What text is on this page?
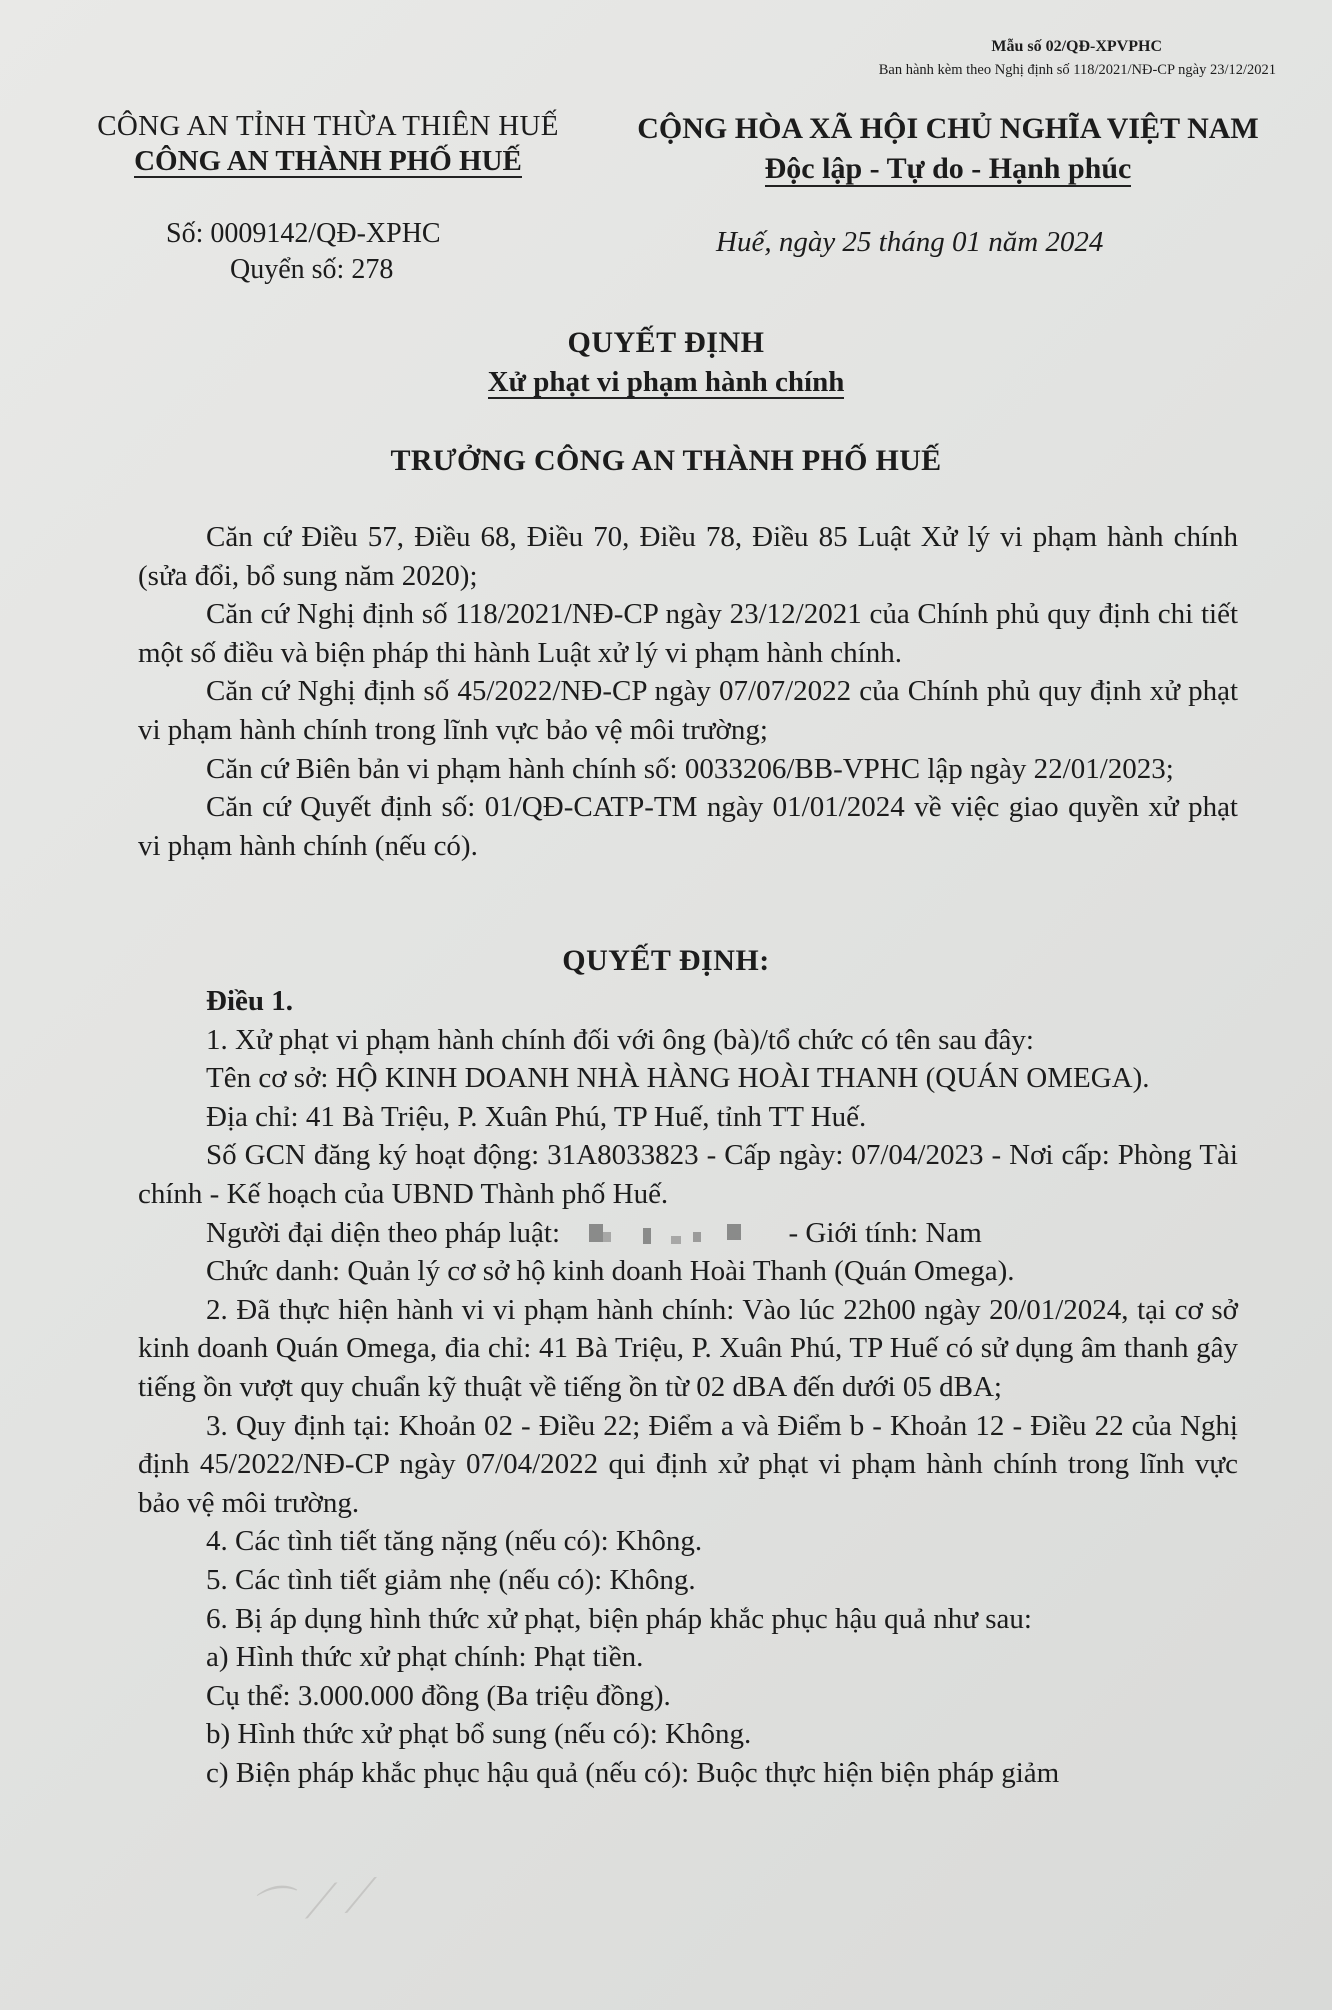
Mẫu số 02/QĐ-XPVPHC
Ban hành kèm theo Nghị định số 118/2021/NĐ-CP ngày 23/12/2021
CÔNG AN TỈNH THỪA THIÊN HUẾ
CÔNG AN THÀNH PHỐ HUẾ
CỘNG HÒA XÃ HỘI CHỦ NGHĨA VIỆT NAM
Độc lập - Tự do - Hạnh phúc
Số: 0009142/QĐ-XPHC
Quyển số: 278
Huế, ngày 25 tháng 01 năm 2024
QUYẾT ĐỊNH
Xử phạt vi phạm hành chính
TRƯỞNG CÔNG AN THÀNH PHỐ HUẾ

Căn cứ Điều 57, Điều 68, Điều 70, Điều 78, Điều 85 Luật Xử lý vi phạm hành chính (sửa đổi, bổ sung năm 2020);

Căn cứ Nghị định số 118/2021/NĐ-CP ngày 23/12/2021 của Chính phủ quy định chi tiết một số điều và biện pháp thi hành Luật xử lý vi phạm hành chính.

Căn cứ Nghị định số 45/2022/NĐ-CP ngày 07/07/2022 của Chính phủ quy định xử phạt vi phạm hành chính trong lĩnh vực bảo vệ môi trường;

Căn cứ Biên bản vi phạm hành chính số: 0033206/BB-VPHC lập ngày 22/01/2023;

Căn cứ Quyết định số: 01/QĐ-CATP-TM ngày 01/01/2024 về việc giao quyền xử phạt vi phạm hành chính (nếu có).

QUYẾT ĐỊNH:

Điều 1.

1. Xử phạt vi phạm hành chính đối với ông (bà)/tổ chức có tên sau đây:

Tên cơ sở: HỘ KINH DOANH NHÀ HÀNG HOÀI THANH (QUÁN OMEGA).

Địa chỉ: 41 Bà Triệu, P. Xuân Phú, TP Huế, tỉnh TT Huế.

Số GCN đăng ký hoạt động: 31A8033823 - Cấp ngày: 07/04/2023 - Nơi cấp: Phòng Tài chính - Kế hoạch của UBND Thành phố Huế.

Người đại diện theo pháp luật:	- Giới tính: Nam

Chức danh: Quản lý cơ sở hộ kinh doanh Hoài Thanh (Quán Omega).

2. Đã thực hiện hành vi vi phạm hành chính: Vào lúc 22h00 ngày 20/01/2024, tại cơ sở kinh doanh Quán Omega, đia chỉ: 41 Bà Triệu, P. Xuân Phú, TP Huế có sử dụng âm thanh gây tiếng ồn vượt quy chuẩn kỹ thuật về tiếng ồn từ 02 dBA đến dưới 05 dBA;

3. Quy định tại: Khoản 02 - Điều 22; Điểm a và Điểm b - Khoản 12 - Điều 22 của Nghị định 45/2022/NĐ-CP ngày 07/04/2022 qui định xử phạt vi phạm hành chính trong lĩnh vực bảo vệ môi trường.

4. Các tình tiết tăng nặng (nếu có): Không.

5. Các tình tiết giảm nhẹ (nếu có): Không.

6. Bị áp dụng hình thức xử phạt, biện pháp khắc phục hậu quả như sau:

a) Hình thức xử phạt chính: Phạt tiền.

Cụ thể: 3.000.000 đồng (Ba triệu đồng).

b) Hình thức xử phạt bổ sung (nếu có): Không.

c) Biện pháp khắc phục hậu quả (nếu có): Buộc thực hiện biện pháp giảm

⌒ ⟋ ⟋
